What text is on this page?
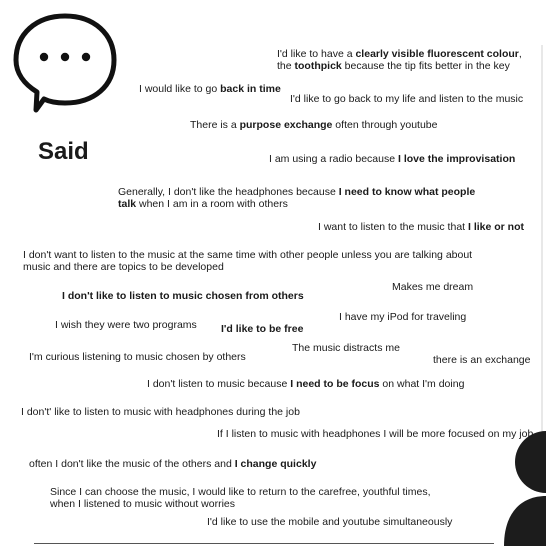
Said
I'd like to have a clearly visible fluorescent colour,
the toothpick because the tip fits better in the key
I would like to go back in time
I'd like to go back to my life and listen to the music
There is a purpose exchange often through youtube
I am using a radio because I love the improvisation
Generally, I don't like the headphones because I need to know what people
talk when I am in a room with others
I want to listen to the music that I like or not
I don't want to listen to the music at the same time with other people unless you are talking about
music and there are topics to be developed
Makes me dream
I don't like to listen to music chosen from others
I have my iPod for traveling
I wish they were two programs I'd like to be free
The music distracts me
I'm curious listening to music chosen by others	there is an exchange
I don't listen to music because I need to be focus on what I'm doing
I don't' like to listen to music with headphones during the job
If I listen to music with headphones I will be more focused on my job
often I don't like the music of the others and I change quickly
Since I can choose the music, I would like to return to the carefree, youthful times,
when I listened to music without worries
I'd like to use the mobile and youtube simultaneously
